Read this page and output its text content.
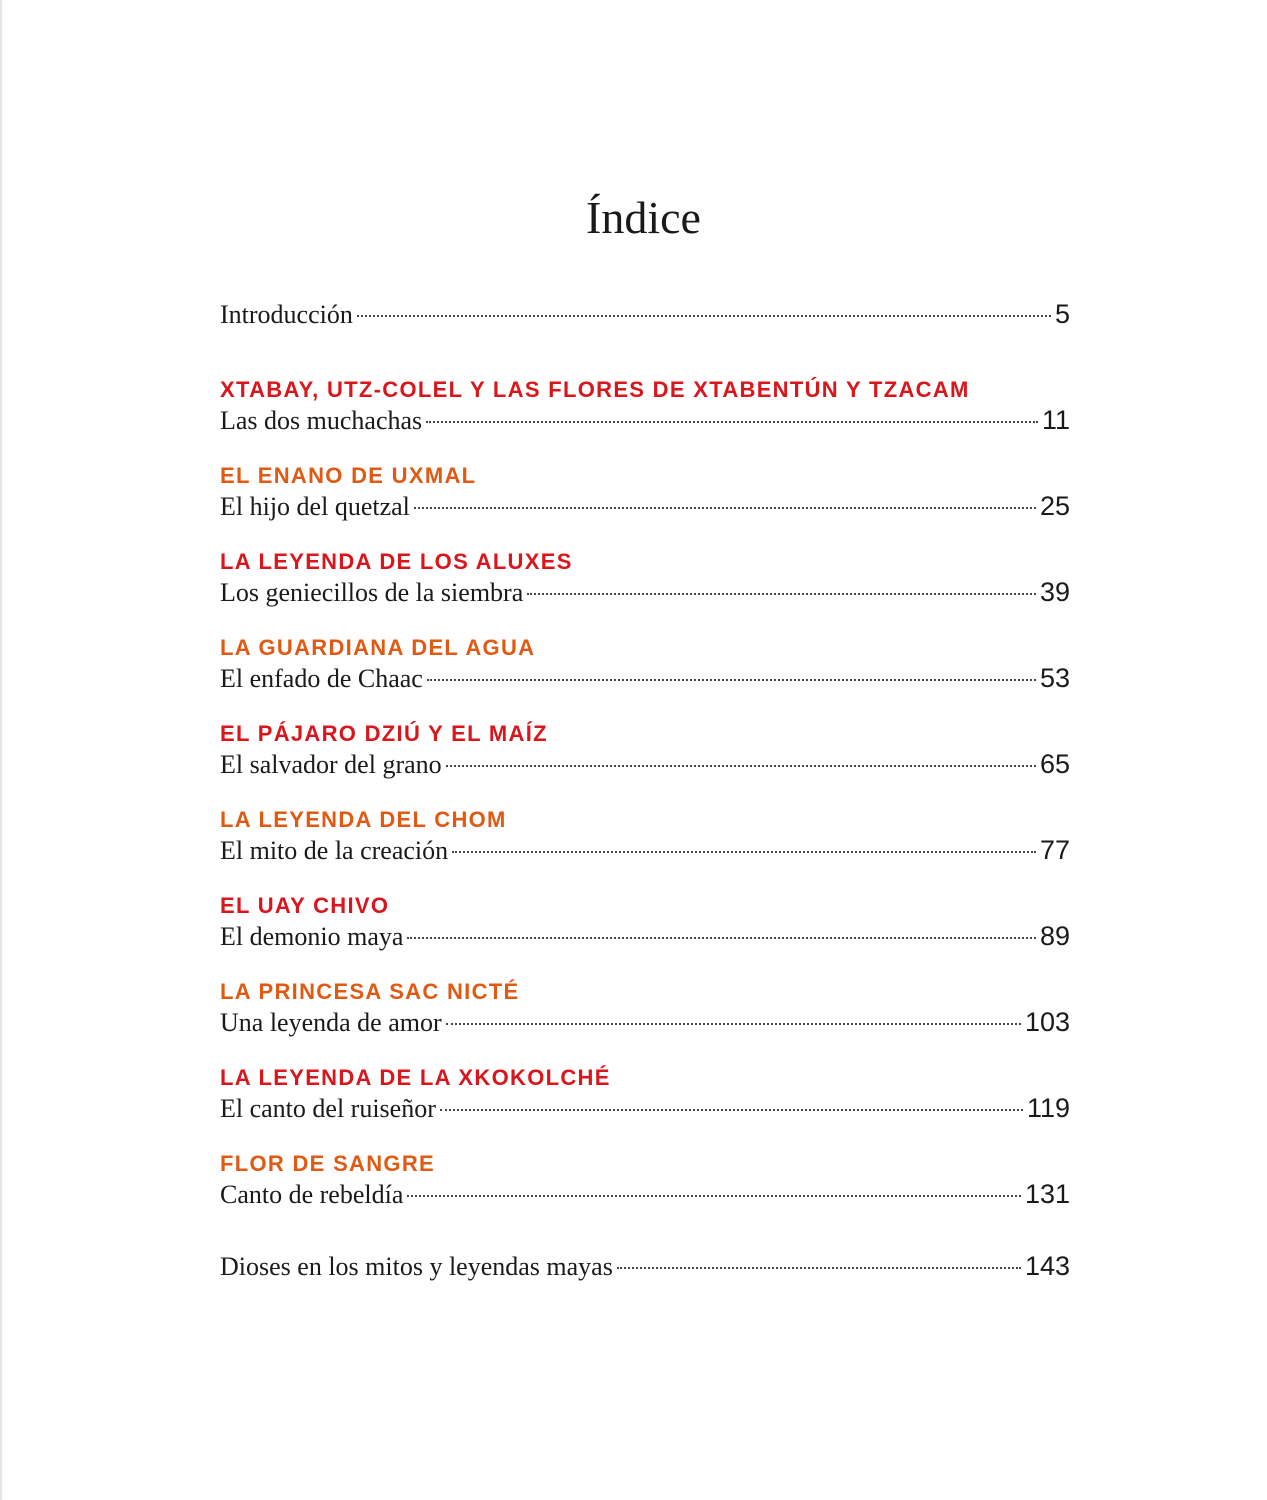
Índice
Introducción	5
XTABAY, UTZ-COLEL Y LAS FLORES DE XTABENTÚN Y TZACAM
Las dos muchachas	11
EL ENANO DE UXMAL
El hijo del quetzal	25
LA LEYENDA DE LOS ALUXES
Los geniecillos de la siembra	39
LA GUARDIANA DEL AGUA
El enfado de Chaac	53
EL PÁJARO DZIÚ Y EL MAÍZ
El salvador del grano	65
LA LEYENDA DEL CHOM
El mito de la creación	77
EL UAY CHIVO
El demonio maya	89
LA PRINCESA SAC NICTÉ
Una leyenda de amor	103
LA LEYENDA DE LA XKOKOLCHÉ
El canto del ruiseñor	119
FLOR DE SANGRE
Canto de rebeldía	131
Dioses en los mitos y leyendas mayas	143
